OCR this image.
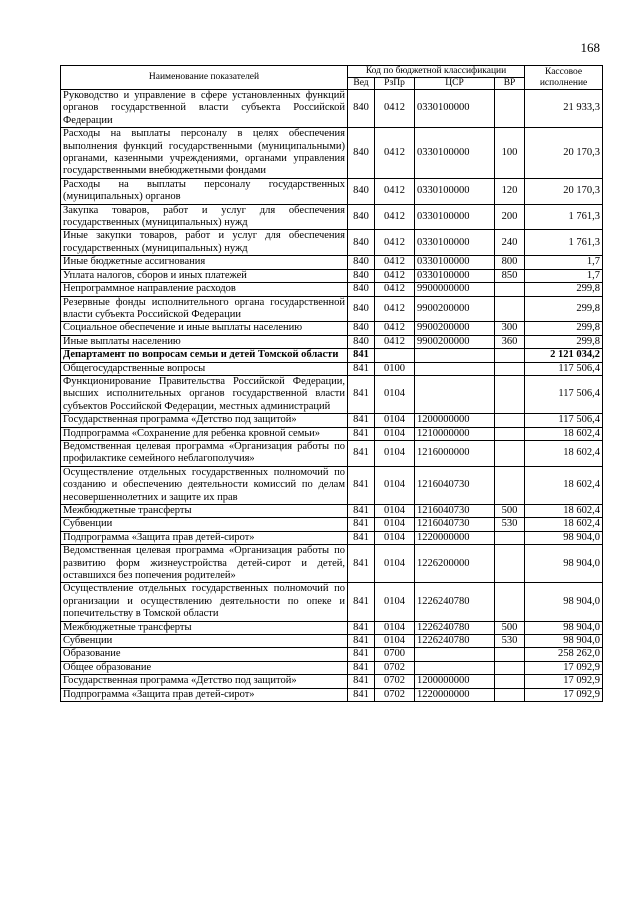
168
Наименование показателей	Код по бюджетной классификации				Кассовое исполнение
	Вед	РзПр	ЦСР	ВР	
Руководство и управление в сфере установленных функций органов государственной власти субъекта Российской Федерации	840	0412	0330100000		21 933,3
Расходы на выплаты персоналу в целях обеспечения выполнения функций государственными (муниципальными) органами, казенными учреждениями, органами управления государственными внебюджетными фондами	840	0412	0330100000	100	20 170,3
Расходы на выплаты персоналу государственных (муниципальных) органов	840	0412	0330100000	120	20 170,3
Закупка товаров, работ и услуг для обеспечения государственных (муниципальных) нужд	840	0412	0330100000	200	1 761,3
Иные закупки товаров, работ и услуг для обеспечения государственных (муниципальных) нужд	840	0412	0330100000	240	1 761,3
Иные бюджетные ассигнования	840	0412	0330100000	800	1,7
Уплата налогов, сборов и иных платежей	840	0412	0330100000	850	1,7
Непрограммное направление расходов	840	0412	9900000000		299,8
Резервные фонды исполнительного органа государственной власти субъекта Российской Федерации	840	0412	9900200000		299,8
Социальное обеспечение и иные выплаты населению	840	0412	9900200000	300	299,8
Иные выплаты населению	840	0412	9900200000	360	299,8
Департамент по вопросам семьи и детей Томской области	841				2 121 034,2
Общегосударственные вопросы	841	0100			117 506,4
Функционирование Правительства Российской Федерации, высших исполнительных органов государственной власти субъектов Российской Федерации, местных администраций	841	0104			117 506,4
Государственная программа «Детство под защитой»	841	0104	1200000000		117 506,4
Подпрограмма «Сохранение для ребенка кровной семьи»	841	0104	1210000000		18 602,4
Ведомственная целевая программа «Организация работы по профилактике семейного неблагополучия»	841	0104	1216000000		18 602,4
Осуществление отдельных государственных полномочий по созданию и обеспечению деятельности комиссий по делам несовершеннолетних и защите их прав	841	0104	1216040730		18 602,4
Межбюджетные трансферты	841	0104	1216040730	500	18 602,4
Субвенции	841	0104	1216040730	530	18 602,4
Подпрограмма «Защита прав детей-сирот»	841	0104	1220000000		98 904,0
Ведомственная целевая программа «Организация работы по развитию форм жизнеустройства детей-сирот и детей, оставшихся без попечения родителей»	841	0104	1226200000		98 904,0
Осуществление отдельных государственных полномочий по организации и осуществлению деятельности по опеке и попечительству в Томской области	841	0104	1226240780		98 904,0
Межбюджетные трансферты	841	0104	1226240780	500	98 904,0
Субвенции	841	0104	1226240780	530	98 904,0
Образование	841	0700			258 262,0
Общее образование	841	0702			17 092,9
Государственная программа «Детство под защитой»	841	0702	1200000000		17 092,9
Подпрограмма «Защита прав детей-сирот»	841	0702	1220000000		17 092,9
